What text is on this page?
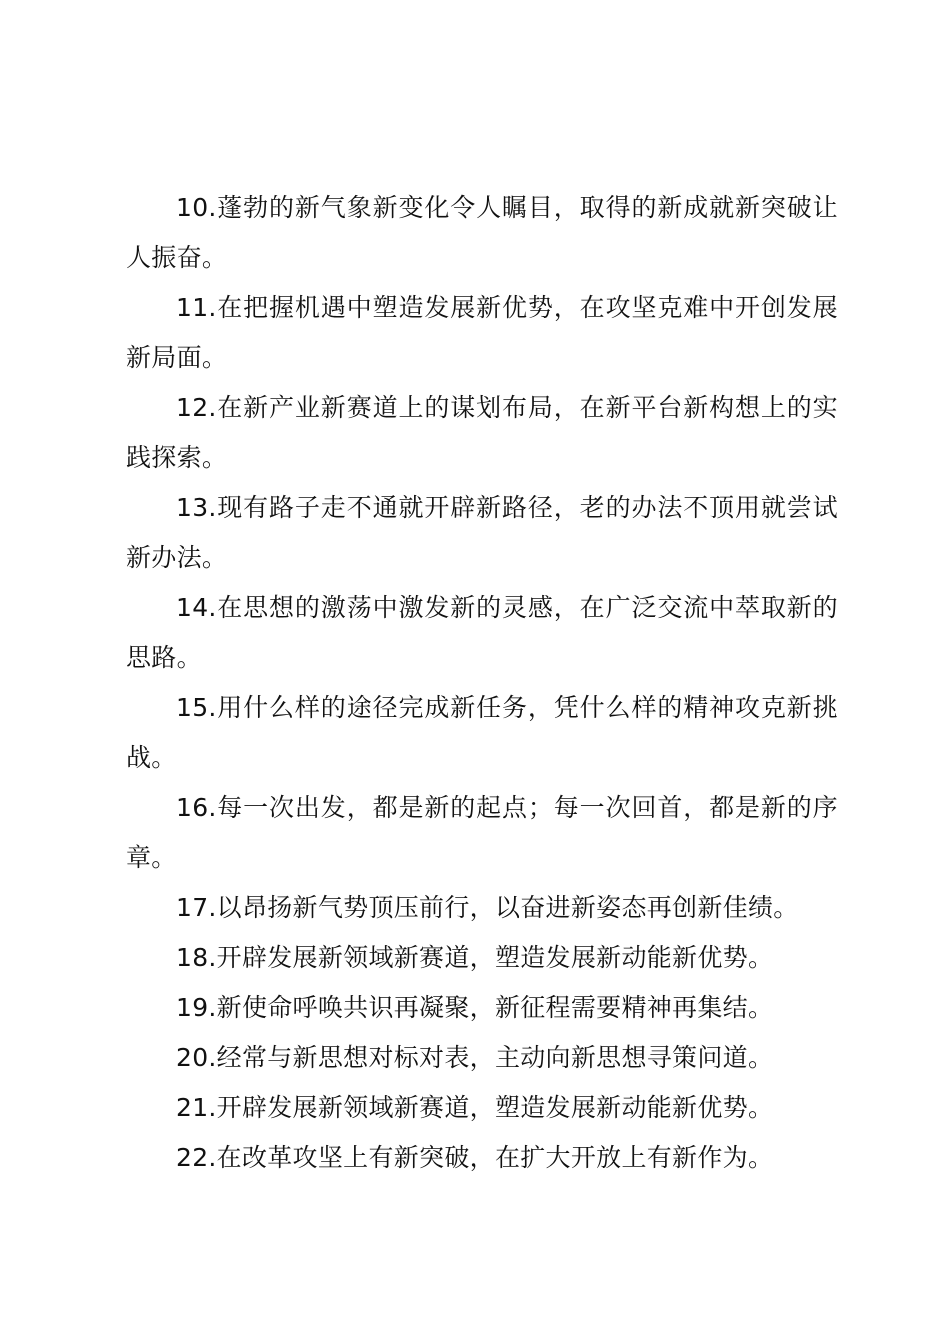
10.蓬勃的新气象新变化令人瞩目，取得的新成就新突破让人振奋。

11.在把握机遇中塑造发展新优势，在攻坚克难中开创发展新局面。

12.在新产业新赛道上的谋划布局，在新平台新构想上的实践探索。

13.现有路子走不通就开辟新路径，老的办法不顶用就尝试新办法。

14.在思想的激荡中激发新的灵感，在广泛交流中萃取新的思路。

15.用什么样的途径完成新任务，凭什么样的精神攻克新挑战。

16.每一次出发，都是新的起点；每一次回首，都是新的序章。

17.以昂扬新气势顶压前行，以奋进新姿态再创新佳绩。

18.开辟发展新领域新赛道，塑造发展新动能新优势。

19.新使命呼唤共识再凝聚，新征程需要精神再集结。

20.经常与新思想对标对表，主动向新思想寻策问道。

21.开辟发展新领域新赛道，塑造发展新动能新优势。

22.在改革攻坚上有新突破，在扩大开放上有新作为。
